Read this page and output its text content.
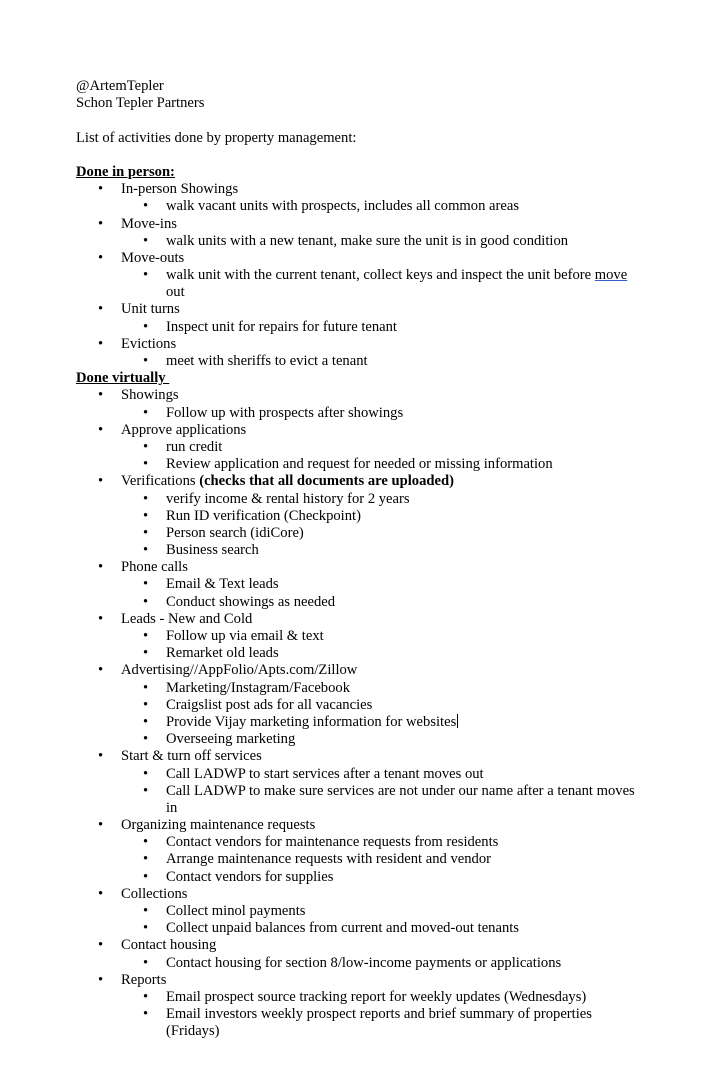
@ArtemTepler
Schon Tepler Partners
List of activities done by property management:
Done in person:
• In-person Showings
• walk vacant units with prospects, includes all common areas
• Move-ins
• walk units with a new tenant, make sure the unit is in good condition
• Move-outs
• walk unit with the current tenant, collect keys and inspect the unit before move
out
• Unit turns
• Inspect unit for repairs for future tenant
• Evictions
• meet with sheriffs to evict a tenant
Done virtually
• Showings
• Follow up with prospects after showings
• Approve applications
• run credit
• Review application and request for needed or missing information
• Verifications (checks that all documents are uploaded)
• verify income & rental history for 2 years
• Run ID verification (Checkpoint)
• Person search (idiCore)
• Business search
• Phone calls
• Email & Text leads
• Conduct showings as needed
• Leads - New and Cold
• Follow up via email & text
• Remarket old leads
• Advertising//AppFolio/Apts.com/Zillow
• Marketing/Instagram/Facebook
• Craigslist post ads for all vacancies
• Provide Vijay marketing information for websites
• Overseeing marketing
• Start & turn off services
• Call LADWP to start services after a tenant moves out
• Call LADWP to make sure services are not under our name after a tenant moves
in
• Organizing maintenance requests
• Contact vendors for maintenance requests from residents
• Arrange maintenance requests with resident and vendor
• Contact vendors for supplies
• Collections
• Collect minol payments
• Collect unpaid balances from current and moved-out tenants
• Contact housing
• Contact housing for section 8/low-income payments or applications
• Reports
• Email prospect source tracking report for weekly updates (Wednesdays)
• Email investors weekly prospect reports and brief summary of properties
(Fridays)
